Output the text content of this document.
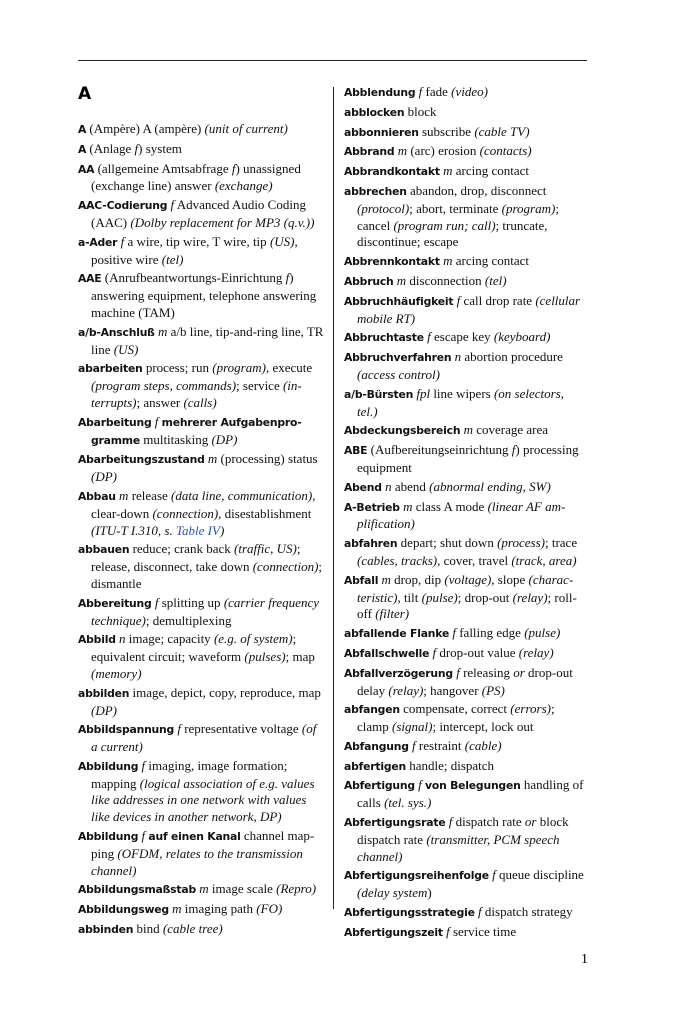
A
A (Ampère) A (ampère) (unit of current)
A (Anlage f) system
AA (allgemeine Amtsabfrage f) unassigned (exchange line) answer (exchange)
AAC-Codierung f Advanced Audio Coding (AAC) (Dolby replacement for MP3 (q.v.))
a-Ader f a wire, tip wire, T wire, tip (US), positive wire (tel)
AAE (Anrufbeantwortungs-Einrichtung f) answering equipment, telephone answering machine (TAM)
a/b-Anschluß m a/b line, tip-and-ring line, TR line (US)
abarbeiten process; run (program), execute (program steps, commands); service (interrupts); answer (calls)
Abarbeitung f mehrerer Aufgabenprogramme multitasking (DP)
Abarbeitungszustand m (processing) status (DP)
Abbau m release (data line, communication), clear-down (connection), disestablishment (ITU-T I.310, s. Table IV)
abbauen reduce; crank back (traffic, US); release, disconnect, take down (connection); dismantle
Abbereitung f splitting up (carrier frequency technique); demultiplexing
Abbild n image; capacity (e.g. of system); equivalent circuit; waveform (pulses); map (memory)
abbilden image, depict, copy, reproduce, map (DP)
Abbildspannung f representative voltage (of a current)
Abbildung f imaging, image formation; mapping (logical association of e.g. values like addresses in one network with values like devices in another network, DP)
Abbildung f auf einen Kanal channel mapping (OFDM, relates to the transmission channel)
Abbildungsmaßstab m image scale (Repro)
Abbildungsweg m imaging path (FO)
abbinden bind (cable tree)
Abblendung f fade (video)
abblocken block
abbonnieren subscribe (cable TV)
Abbrand m (arc) erosion (contacts)
Abbrandkontakt m arcing contact
abbrechen abandon, drop, disconnect (protocol); abort, terminate (program); cancel (program run; call); truncate, discontinue; escape
Abbrennkontakt m arcing contact
Abbruch m disconnection (tel)
Abbruchhäufigkeit f call drop rate (cellular mobile RT)
Abbruchtaste f escape key (keyboard)
Abbruchverfahren n abortion procedure (access control)
a/b-Bürsten fpl line wipers (on selectors, tel.)
Abdeckungsbereich m coverage area
ABE (Aufbereitungseinrichtung f) processing equipment
Abend n abend (abnormal ending, SW)
A-Betrieb m class A mode (linear AF amplification)
abfahren depart; shut down (process); trace (cables, tracks), cover, travel (track, area)
Abfall m drop, dip (voltage), slope (characteristic), tilt (pulse); drop-out (relay); roll-off (filter)
abfallende Flanke f falling edge (pulse)
Abfallschwelle f drop-out value (relay)
Abfallverzögerung f releasing or drop-out delay (relay); hangover (PS)
abfangen compensate, correct (errors); clamp (signal); intercept, lock out
Abfangung f restraint (cable)
abfertigen handle; dispatch
Abfertigung f von Belegungen handling of calls (tel. sys.)
Abfertigungsrate f dispatch rate or block dispatch rate (transmitter, PCM speech channel)
Abfertigungsreihenfolge f queue discipline (delay system)
Abfertigungsstrategie f dispatch strategy
Abfertigungszeit f service time
1
